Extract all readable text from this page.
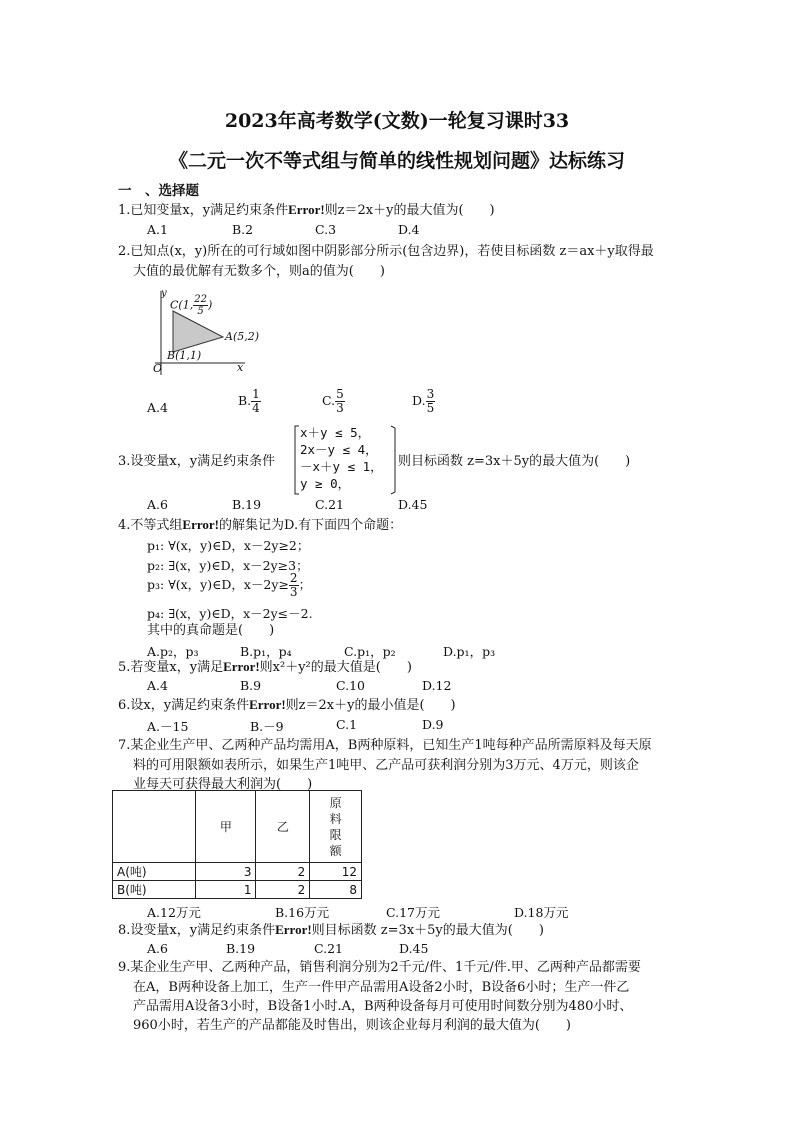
2023年高考数学(文数)一轮复习课时33
《二元一次不等式组与简单的线性规划问题》达标练习
一　、选择题
1.已知变量x，y满足约束条件Error!则z＝2x＋y的最大值为(　　)
A.1	B.2	C.3	D.4
2.已知点(x，y)所在的可行域如图中阴影部分所示(包含边界)，若使目标函数 z＝ax＋y取得最
大值的最优解有无数多个，则a的值为(　　)
y
C(1, $\frac{22}{5}$ )
A(5,2)
B(1,1)
O	x
A.4	B. $\frac{1}{4}$	C. $\frac{5}{3}$	D. $\frac{3}{5}$
3.设变量x，y满足约束条件
x＋y ≤ 5，
2x－y ≤ 4，
－x＋y ≤ 1，
y ≥ 0，
则目标函数 z=3x＋5y的最大值为(　　)
A.6	B.19	C.21	D.45
4.不等式组Error!的解集记为D.有下面四个命题：
p₁: ∀(x，y)∈D，x－2y≥2；
p₂: ∃(x，y)∈D，x－2y≥3；
p₃: ∀(x，y)∈D，$x-2y\ge \frac{2}{3}$ ；
p₄: ∃(x，y)∈D，x－2y≤－2.
其中的真命题是(　　)
A.p₂，p₃	B.p₁，p₄	C.p₁，p₂	D.p₁，p₃
5.若变量x，y满足Error!则x²＋y²的最大值是(　　)
A.4	B.9	C.10	D.12
6.设x，y满足约束条件Error!则z＝2x＋y的最小值是(　　)
A.－15	B.－9	C.1	D.9
7.某企业生产甲、乙两种产品均需用A，B两种原料，已知生产1吨每种产品所需原料及每天原
料的可用限额如表所示，如果生产1吨甲、乙产品可获利润分别为3万元、4万元，则该企
业每天可获得最大利润为(　　)
	甲	乙	原
料
限
额
A(吨)	3	2	12
B(吨)	1	2	8
A.12万元	B.16万元	C.17万元	D.18万元
8.设变量x，y满足约束条件Error!则目标函数 z=3x＋5y的最大值为(　　)
A.6	B.19	C.21	D.45
9.某企业生产甲、乙两种产品，销售利润分别为2千元/件、1千元/件.甲、乙两种产品都需要
在A，B两种设备上加工，生产一件甲产品需用A设备2小时，B设备6小时；生产一件乙
产品需用A设备3小时，B设备1小时.A，B两种设备每月可使用时间数分别为480小时、
960小时，若生产的产品都能及时售出，则该企业每月利润的最大值为(　　)
